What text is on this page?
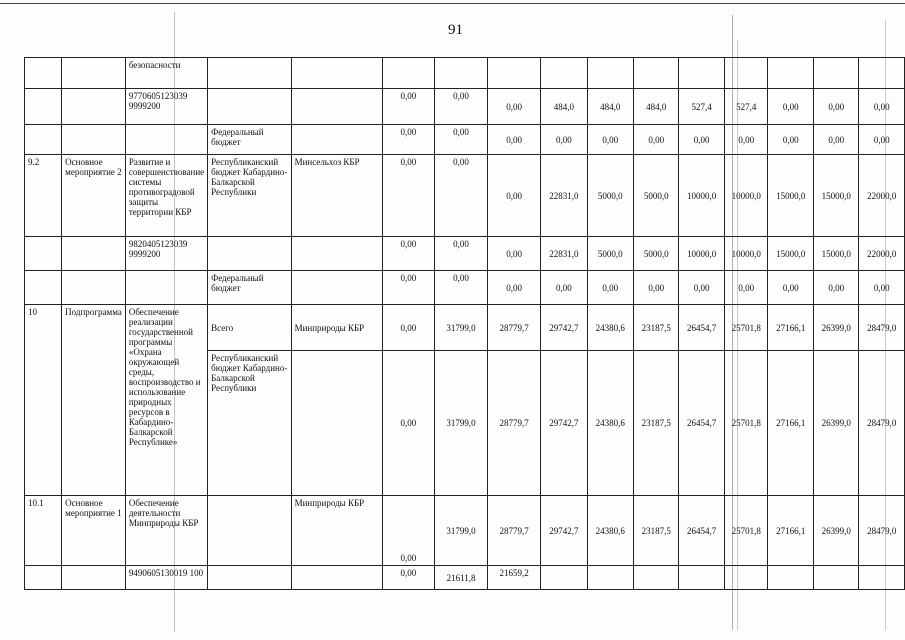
91
		безопасности													
		9770605123039 9999200			0,00	0,00	0,00	484,0	484,0	484,0	527,4	527,4	0,00	0,00	0,00
			Федеральный бюджет		0,00	0,00	0,00	0,00	0,00	0,00	0,00	0,00	0,00	0,00	0,00
9.2	Основное мероприятие 2	Развитие и совершенствование системы противоградовой защиты территории КБР	Республиканский бюджет Кабардино-Балкарской Республики	Минсельхоз КБР	0,00	0,00	0,00	22831,0	5000,0	5000,0	10000,0	10000,0	15000,0	15000,0	22000,0
		9820405123039 9999200			0,00	0,00	0,00	22831,0	5000,0	5000,0	10000,0	10000,0	15000,0	15000,0	22000,0
			Федеральный бюджет		0,00	0,00	0,00	0,00	0,00	0,00	0,00	0,00	0,00	0,00	0,00
10	Подпрограмма	Обеспечение реализации государственной программы «Охрана окружающей среды, воспроизводство и использование природных ресурсов в Кабардино-Балкарской Республике»	Всего	Минприроды КБР	0,00	31799,0	28779,7	29742,7	24380,6	23187,5	26454,7	25701,8	27166,1	26399,0	28479,0
			Республиканский бюджет Кабардино-Балкарской Республики		0,00	31799,0	28779,7	29742,7	24380,6	23187,5	26454,7	25701,8	27166,1	26399,0	28479,0
10.1	Основное мероприятие 1	Обеспечение деятельности Минприроды КБР		Минприроды КБР	0,00	31799,0	28779,7	29742,7	24380,6	23187,5	26454,7	25701,8	27166,1	26399,0	28479,0
		9490605130019 100			0,00	21611,8	21659,2								
